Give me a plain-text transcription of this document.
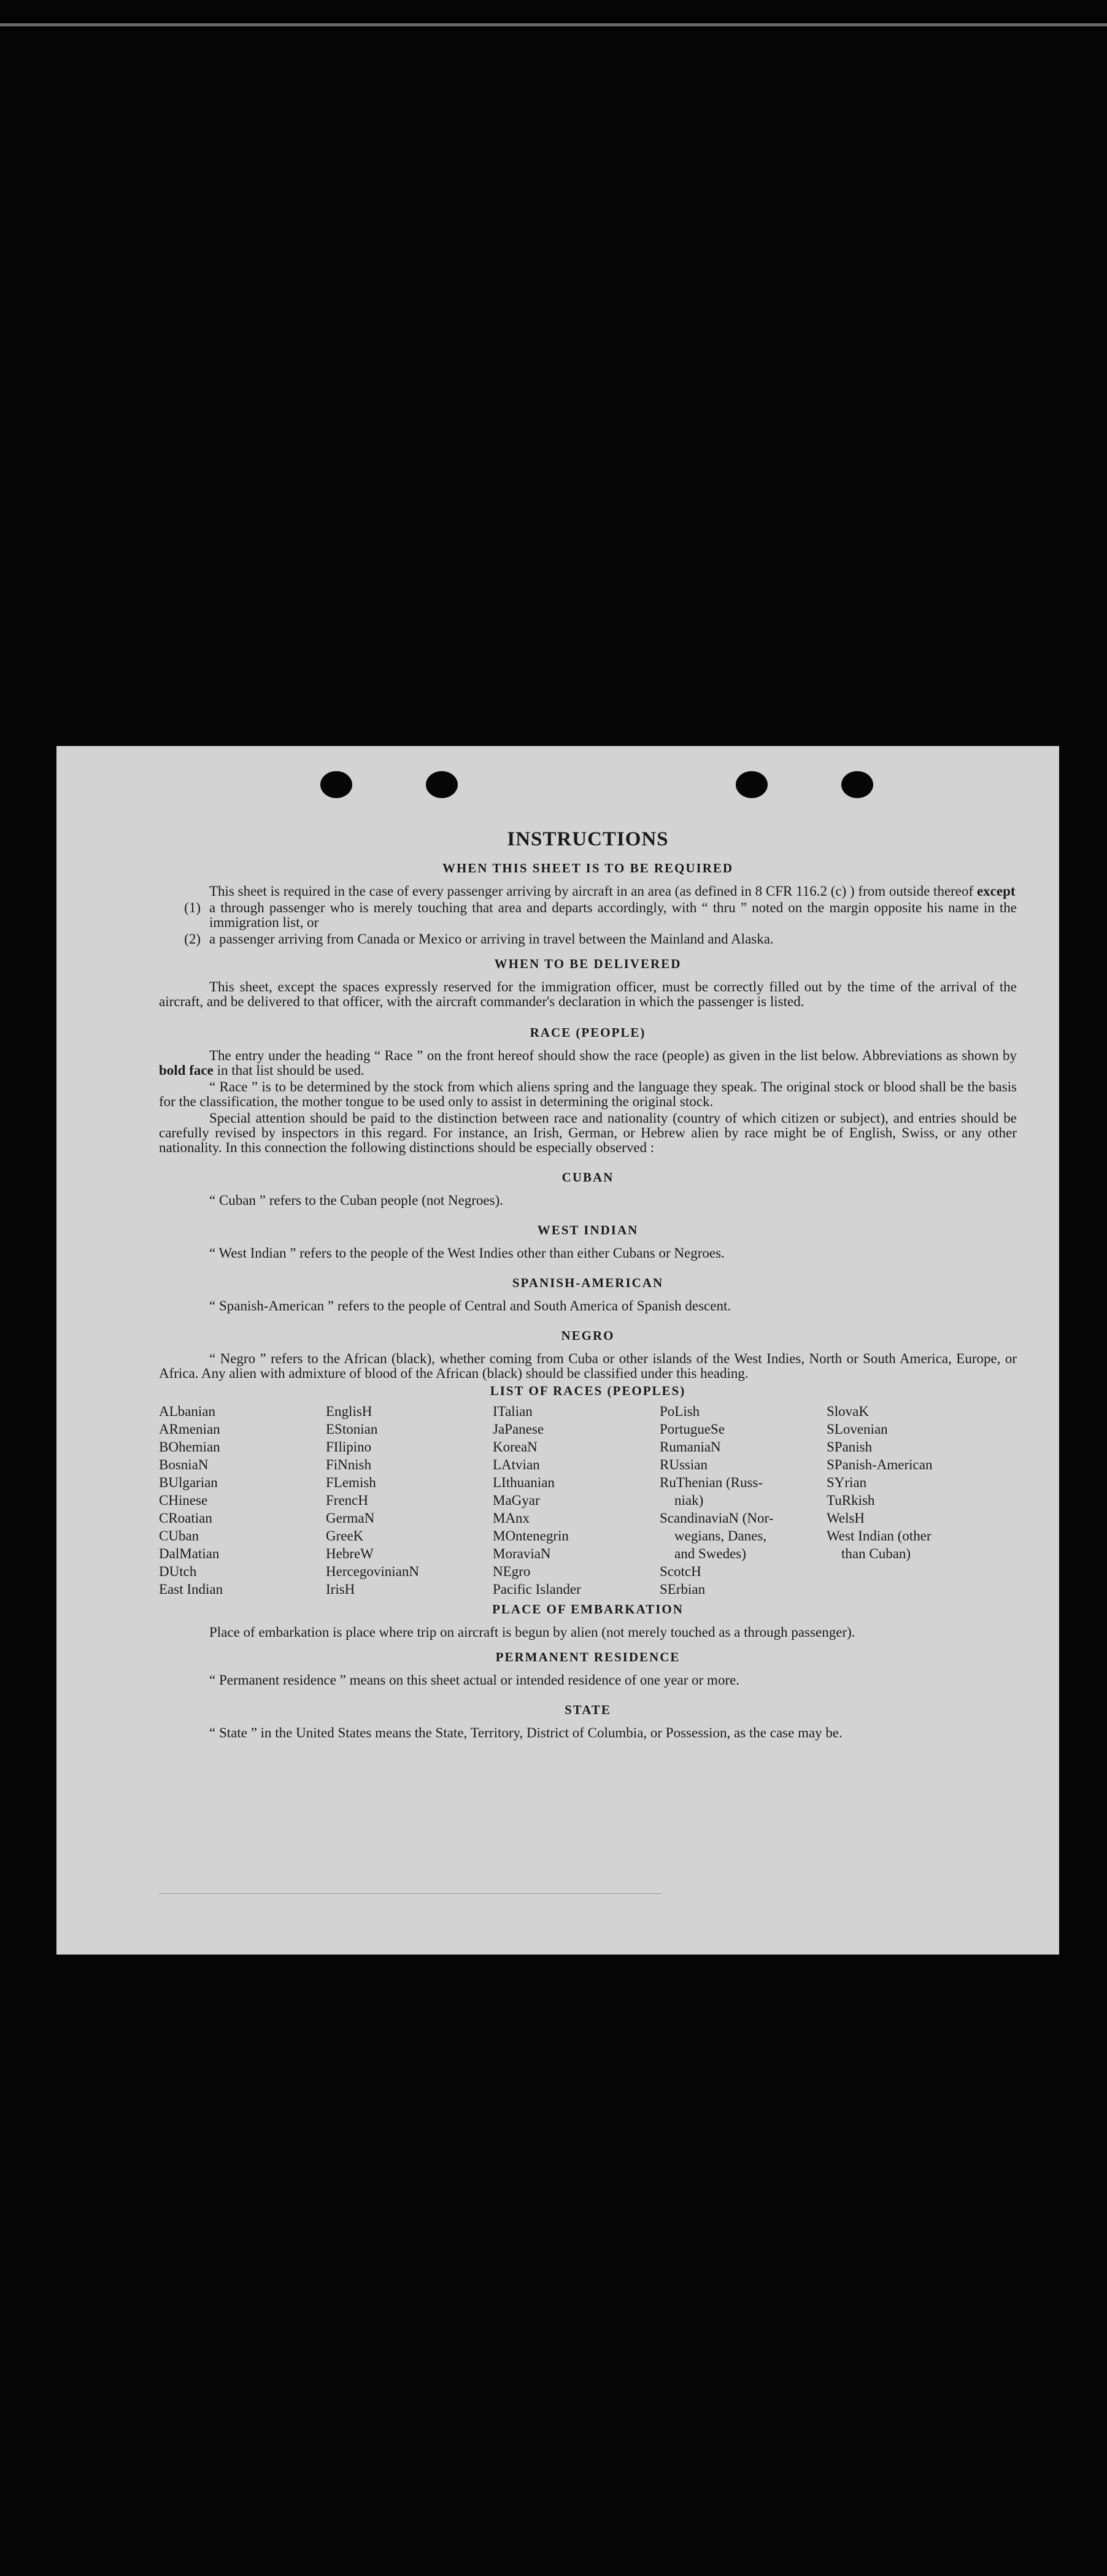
INSTRUCTIONS
WHEN THIS SHEET IS TO BE REQUIRED

This sheet is required in the case of every passenger arriving by aircraft in an area (as defined in 8 CFR 116.2 (c) ) from outside thereof except

(1) a through passenger who is merely touching that area and departs accordingly, with “ thru ” noted on the margin opposite his name in the immigration list, or
(2) a passenger arriving from Canada or Mexico or arriving in travel between the Mainland and Alaska.
WHEN TO BE DELIVERED

This sheet, except the spaces expressly reserved for the immigration officer, must be correctly filled out by the time of the arrival of the aircraft, and be delivered to that officer, with the aircraft commander's declaration in which the passenger is listed.

RACE (PEOPLE)

The entry under the heading “ Race ” on the front hereof should show the race (people) as given in the list below. Abbreviations as shown by bold face in that list should be used.

“ Race ” is to be determined by the stock from which aliens spring and the language they speak. The original stock or blood shall be the basis for the classification, the mother tongue to be used only to assist in determining the original stock.

Special attention should be paid to the distinction between race and nationality (country of which citizen or subject), and entries should be carefully revised by inspectors in this regard. For instance, an Irish, German, or Hebrew alien by race might be of English, Swiss, or any other nationality. In this connection the following distinctions should be especially observed :

CUBAN

“ Cuban ” refers to the Cuban people (not Negroes).

WEST INDIAN

“ West Indian ” refers to the people of the West Indies other than either Cubans or Negroes.

SPANISH-AMERICAN

“ Spanish-American ” refers to the people of Central and South America of Spanish descent.

NEGRO

“ Negro ” refers to the African (black), whether coming from Cuba or other islands of the West Indies, North or South America, Europe, or Africa. Any alien with admixture of blood of the African (black) should be classified under this heading.

LIST OF RACES (PEOPLES)
ALbanian
ARmenian
BOhemian
BosniaN
BUlgarian
CHinese
CRoatian
CUban
DalMatian
DUtch
East Indian
EnglisH
EStonian
FIlipino
FiNnish
FLemish
FrencH
GermaN
GreeK
HebreW
HercegovinianN
IrisH
ITalian
JaPanese
KoreaN
LAtvian
LIthuanian
MaGyar
MAnx
MOntenegrin
MoraviaN
NEgro
Pacific Islander
PoLish
PortugueSe
RumaniaN
RUssian
RuThenian (Russ-
niak)
ScandinaviaN (Nor-
wegians, Danes,
and Swedes)
ScotcH
SErbian
SlovaK
SLovenian
SPanish
SPanish-American
SYrian
TuRkish
WelsH
West Indian (other
than Cuban)
PLACE OF EMBARKATION

Place of embarkation is place where trip on aircraft is begun by alien (not merely touched as a through passenger).

PERMANENT RESIDENCE

“ Permanent residence ” means on this sheet actual or intended residence of one year or more.

STATE

“ State ” in the United States means the State, Territory, District of Columbia, or Possession, as the case may be.
